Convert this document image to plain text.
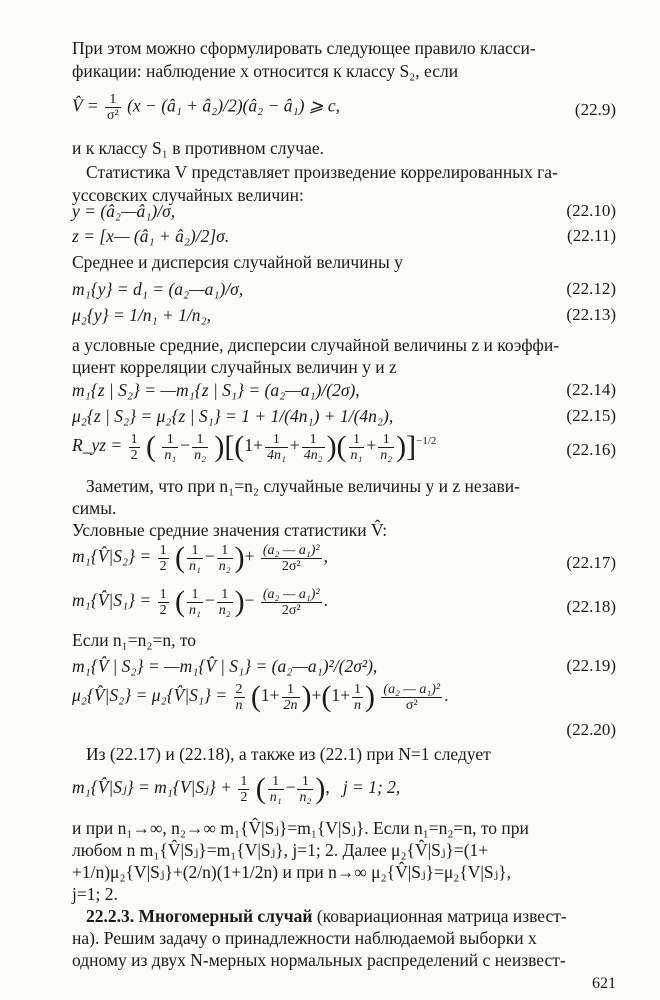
При этом можно сформулировать следующее правило класси-
фикации: наблюдение x относится к классу S₂, если
V̂ = $\frac{1}{\text{σ²}} (x$ − (â₁ + â₂)/2)(â₂ − â₁) ⩾ c,	(22.9)
и к классу S₁ в противном случае.
Статистика V представляет произведение коррелированных га-
уссовских случайных величин:
y = (â₂—â₁)/σ,	(22.10)
z = [x— (â₁ + â₂)/2]σ.	(22.11)
Среднее и дисперсия случайной величины y
m₁{y} = d₁ = (a₂—a₁)/σ,	(22.12)
μ₂{y} = 1/n₁ + 1/n₂,	(22.13)
а условные средние, дисперсии случайной величины z и коэффи-
циент корреляции случайных величин y и z
m₁{z | S₂} = —m₁{z | S₁} = (a₂—a₁)/(2σ),	(22.14)
μ₂{z | S₂} = μ₂{z | S₁} = 1 + 1/(4n₁) + 1/(4n₂),	(22.15)
R_yz = $\frac{1}{2}$ ( $\frac{1}{\text{n₁}} - \frac{1}{\text{n₂}} )[(1+ \frac{1}{\text{4n₁}} + \frac{1}{\text{4n₂}}$ )( $\frac{1}{\text{n₁}} + \frac{1}{\text{n₂}} )]^{-1/2}$	(22.16)
Заметим, что при n₁=n₂ случайные величины y и z незави-
симы.
Условные средние значения статистики V̂:
m₁{V̂|S₂} = $\frac{1}{2}$ ( $\frac{1}{\text{n₁}} - \frac{1}{\text{n₂}}$ )+ $\frac{\text{(a₂ — a₁)²}}{\text{2σ²}}$ ,	(22.17)
m₁{V̂|S₁} = $\frac{1}{2}$ ( $\frac{1}{\text{n₁}} - \frac{1}{\text{n₂}}$ )− $\frac{\text{(a₂ — a₁)²}}{\text{2σ²}}$ .	(22.18)
Если n₁=n₂=n, то
m₁{V̂ | S₂} = —m₁{V̂ | S₁} = (a₂—a₁)²/(2σ²),	(22.19)
μ₂{V̂|S₂} = μ₂{V̂|S₁} = $\frac{2}{n} (1+ \frac{1}{2n} )+(1+ \frac{1}{n}$ ) $\frac{\text{(a₂ — a₁)²}}{\text{σ²}}$ .
(22.20)
Из (22.17) и (22.18), а также из (22.1) при N=1 следует
m₁{V̂|Sⱼ} = m₁{V|Sⱼ} + $\frac{1}{2}$ ( $\frac{1}{\text{n₁}} - \frac{1}{\text{n₂}}$ ),   j = 1; 2,
и при n₁→∞, n₂→∞ m₁{V̂|Sⱼ}=m₁{V|Sⱼ}. Если n₁=n₂=n, то при
любом n m₁{V̂|Sⱼ}=m₁{V|Sⱼ}, j=1; 2. Далее μ₂{V̂|Sⱼ}=(1+
+1/n)μ₂{V|Sⱼ}+(2/n)(1+1/2n) и при n→∞ μ₂{V̂|Sⱼ}=μ₂{V|Sⱼ},
j=1; 2.
22.2.3. Многомерный случай (ковариационная матрица извест-
на). Решим задачу о принадлежности наблюдаемой выборки x
одному из двух N-мерных нормальных распределений с неизвест-
621
